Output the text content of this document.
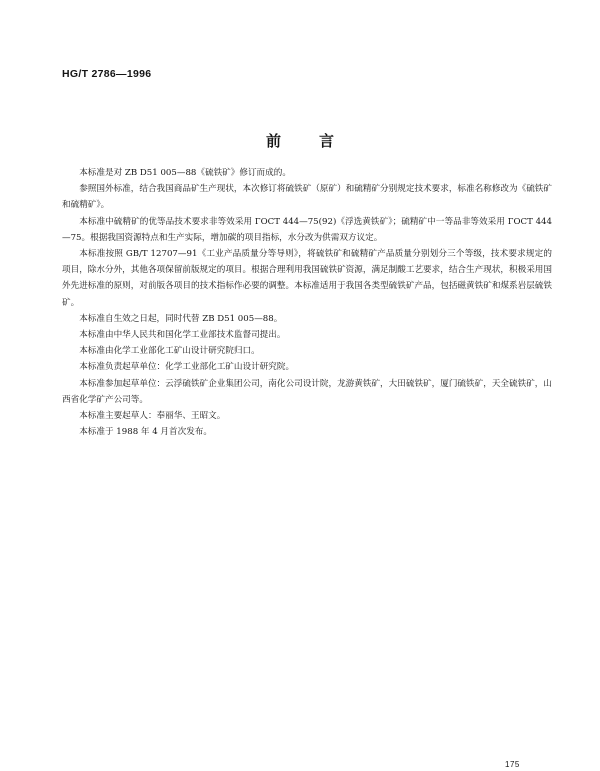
HG/T 2786—1996
前言

本标准是对 ZB D51 005—88《硫铁矿》修订而成的。

参照国外标准，结合我国商品矿生产现状，本次修订将硫铁矿（原矿）和硫精矿分别规定技术要求，标准名称修改为《硫铁矿和硫精矿》。

本标准中硫精矿的优等品技术要求非等效采用 ГОСТ 444—75(92)《浮选黄铁矿》；硫精矿中一等品非等效采用 ГОСТ 444—75。根据我国资源特点和生产实际，增加碳的项目指标，水分改为供需双方议定。

本标准按照 GB/T 12707—91《工业产品质量分等导则》，将硫铁矿和硫精矿产品质量分别划分三个等级，技术要求规定的项目，除水分外，其他各项保留前版规定的项目。根据合理利用我国硫铁矿资源，满足制酸工艺要求，结合生产现状，积极采用国外先进标准的原则，对前版各项目的技术指标作必要的调整。本标准适用于我国各类型硫铁矿产品，包括磁黄铁矿和煤系岩层硫铁矿。

本标准自生效之日起，同时代替 ZB D51 005—88。

本标准由中华人民共和国化学工业部技术监督司提出。

本标准由化学工业部化工矿山设计研究院归口。

本标准负责起草单位：化学工业部化工矿山设计研究院。

本标准参加起草单位：云浮硫铁矿企业集团公司，南化公司设计院，龙游黄铁矿，大田硫铁矿，厦门硫铁矿，天全硫铁矿，山西省化学矿产公司等。

本标准主要起草人：奉丽华、王昭文。

本标准于 1988 年 4 月首次发布。

175
